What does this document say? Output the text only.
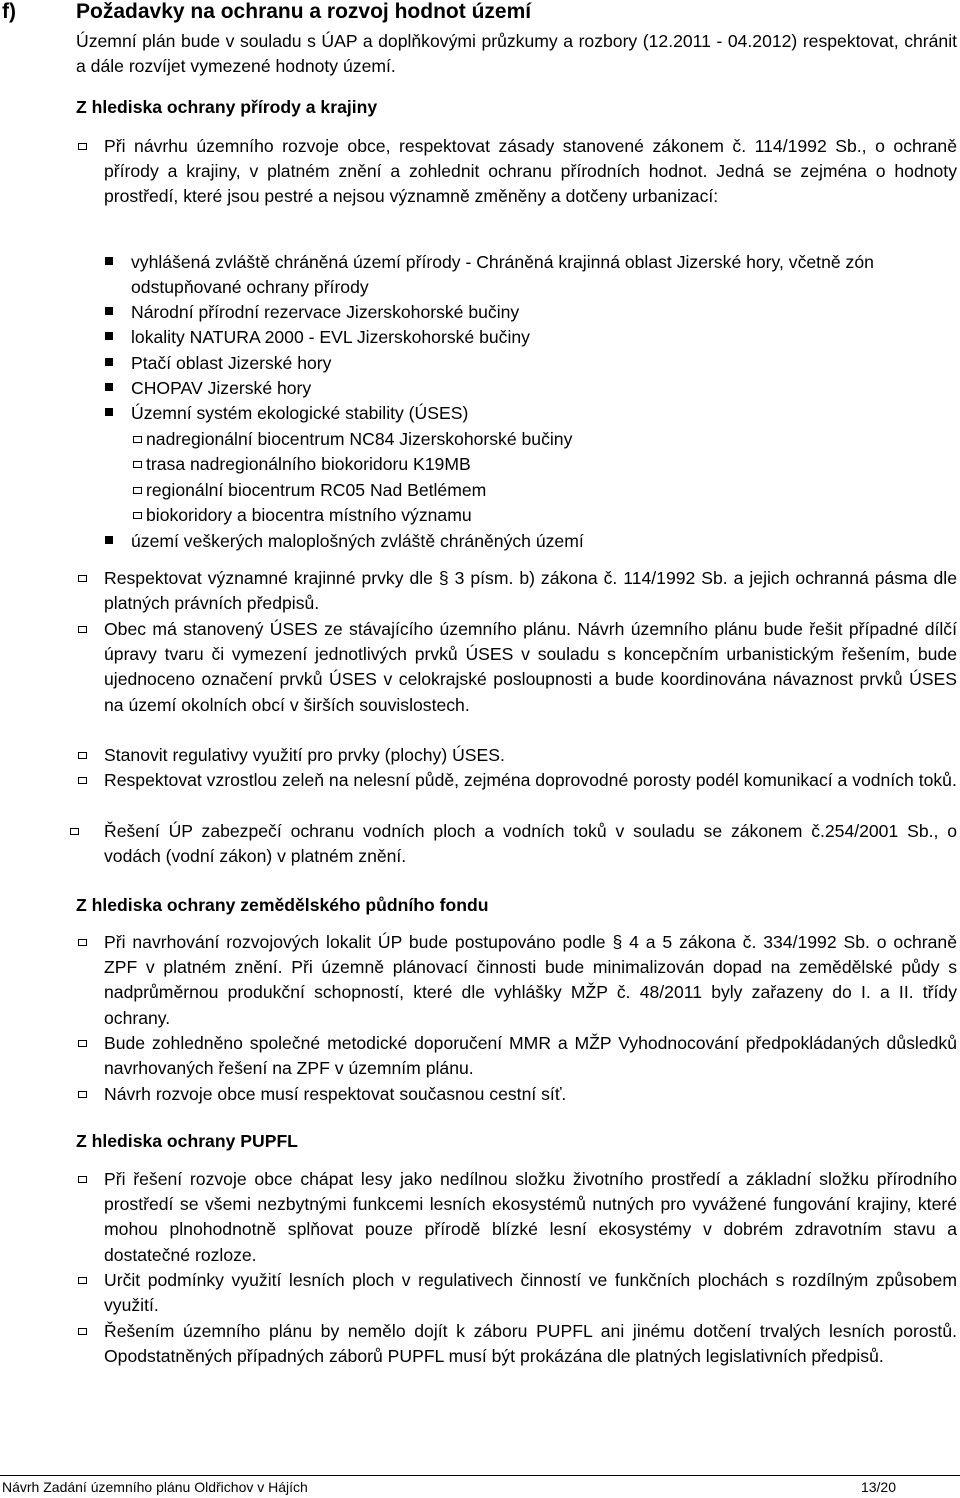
f)	Požadavky na ochranu a rozvoj hodnot území
Územní plán bude v souladu s ÚAP a doplňkovými průzkumy a rozbory (12.2011 - 04.2012) respektovat, chránit a dále rozvíjet vymezené hodnoty území.
Z hlediska ochrany přírody a krajiny
Při návrhu územního rozvoje obce, respektovat zásady stanovené zákonem č. 114/1992 Sb., o ochraně přírody a krajiny, v platném znění a zohlednit ochranu přírodních hodnot. Jedná se zejména o hodnoty prostředí, které jsou pestré a nejsou významně změněny a dotčeny urbanizací:
vyhlášená zvláště chráněná území přírody - Chráněná krajinná oblast Jizerské hory, včetně zón odstupňované ochrany přírody
Národní přírodní rezervace Jizerskohorské bučiny
lokality NATURA 2000 - EVL Jizerskohorské bučiny
Ptačí oblast Jizerské hory
CHOPAV Jizerské hory
Územní systém ekologické stability (ÚSES)
nadregionální biocentrum NC84 Jizerskohorské bučiny
trasa nadregionálního biokoridoru K19MB
regionální biocentrum RC05 Nad Betlémem
biokoridory a biocentra místního významu
území veškerých maloplošných zvláště chráněných území
Respektovat významné krajinné prvky dle § 3 písm. b) zákona č. 114/1992 Sb. a jejich ochranná pásma dle platných právních předpisů.
Obec má stanovený ÚSES ze stávajícího územního plánu. Návrh územního plánu bude řešit případné dílčí úpravy tvaru či vymezení jednotlivých prvků ÚSES v souladu s koncepčním urbanistickým řešením, bude ujednoceno označení prvků ÚSES v celokrajské posloupnosti a bude koordinována návaznost prvků ÚSES na území okolních obcí v širších souvislostech.
Stanovit regulativy využití pro prvky (plochy) ÚSES.
Respektovat vzrostlou zeleň na nelesní půdě, zejména doprovodné porosty podél komunikací a vodních toků.
Řešení ÚP zabezpečí ochranu vodních ploch a vodních toků v souladu se zákonem č.254/2001 Sb., o vodách (vodní zákon) v platném znění.
Z hlediska ochrany zemědělského půdního fondu
Při navrhování rozvojových lokalit ÚP bude postupováno podle § 4 a 5 zákona č. 334/1992 Sb. o ochraně ZPF v platném znění. Při územně plánovací činnosti bude minimalizován dopad na zemědělské půdy s nadprůměrnou produkční schopností, které dle vyhlášky MŽP č. 48/2011 byly zařazeny do I. a II. třídy ochrany.
Bude zohledněno společné metodické doporučení MMR a MŽP Vyhodnocování předpokládaných důsledků navrhovaných řešení na ZPF v územním plánu.
Návrh rozvoje obce musí respektovat současnou cestní síť.
Z hlediska ochrany PUPFL
Při řešení rozvoje obce chápat lesy jako nedílnou složku životního prostředí a základní složku přírodního prostředí se všemi nezbytnými funkcemi lesních ekosystémů nutných pro vyvážené fungování krajiny, které mohou plnohodnotně splňovat pouze přírodě blízké lesní ekosystémy v dobrém zdravotním stavu a dostatečné rozloze.
Určit podmínky využití lesních ploch v regulativech činností ve funkčních plochách s rozdílným způsobem využití.
Řešením územního plánu by nemělo dojít k záboru PUPFL ani jinému dotčení trvalých lesních porostů. Opodstatněných případných záborů PUPFL musí být prokázána dle platných legislativních předpisů.
Návrh Zadání územního plánu Oldřichov v Hájích	13/20
